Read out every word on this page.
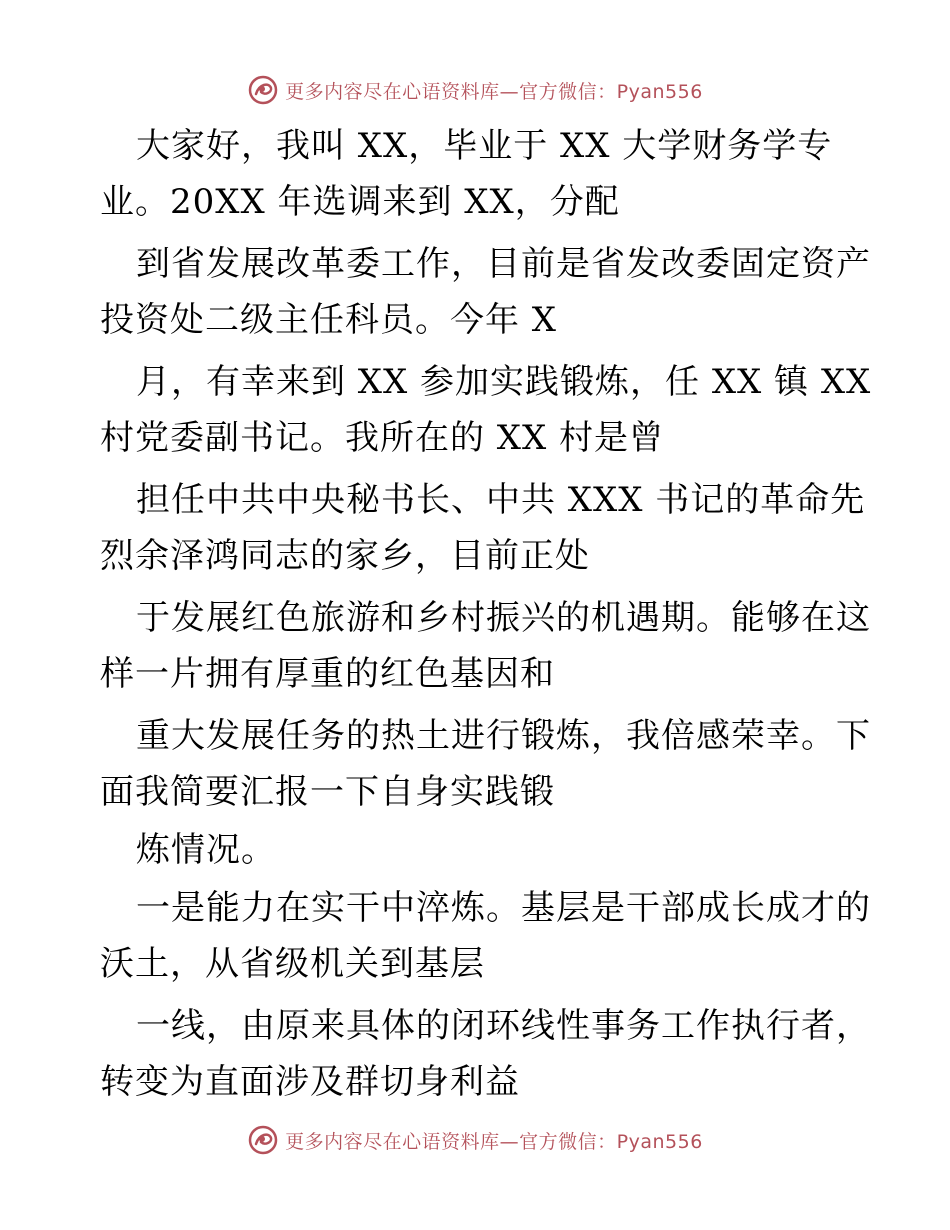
更多内容尽在心语资料库—官方微信：Pyan556
大家好，我叫 XX，毕业于 XX 大学财务学专
业。20XX 年选调来到 XX，分配
到省发展改革委工作，目前是省发改委固定资产
投资处二级主任科员。今年 X
月，有幸来到 XX 参加实践锻炼，任 XX 镇 XX
村党委副书记。我所在的 XX 村是曾
担任中共中央秘书长、中共 XXX 书记的革命先
烈余泽鸿同志的家乡，目前正处
于发展红色旅游和乡村振兴的机遇期。能够在这
样一片拥有厚重的红色基因和
重大发展任务的热土进行锻炼，我倍感荣幸。下
面我简要汇报一下自身实践锻
炼情况。
一是能力在实干中淬炼。基层是干部成长成才的
沃土，从省级机关到基层
一线，由原来具体的闭环线性事务工作执行者，
转变为直面涉及群切身利益
更多内容尽在心语资料库—官方微信：Pyan556
